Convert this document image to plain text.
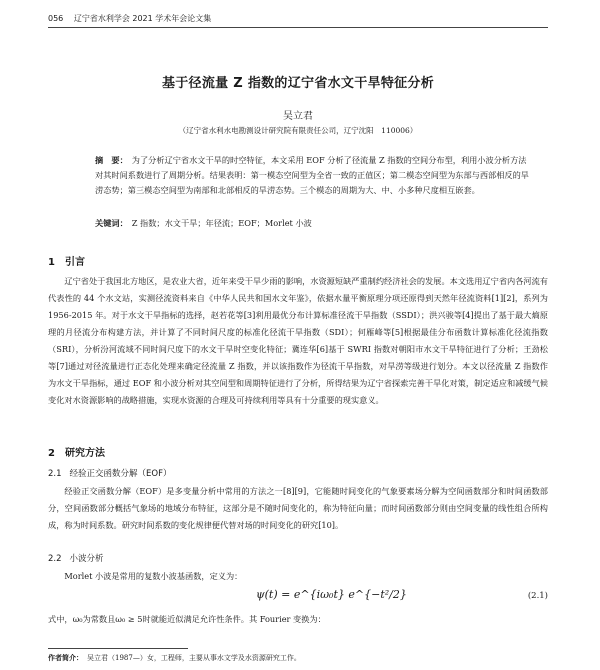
056 辽宁省水利学会 2021 学术年会论文集
基于径流量 Z 指数的辽宁省水文干旱特征分析
吴立君
（辽宁省水利水电勘测设计研究院有限责任公司，辽宁沈阳　110006）
摘　要： 为了分析辽宁省水文干旱的时空特征，本文采用 EOF 分析了径流量 Z 指数的空间分布型，利用小波分析方法对其时间系数进行了周期分析。结果表明：第一模态空间型为全省一致的正值区；第二模态空间型为东部与西部相反的旱涝态势；第三模态空间型为南部和北部相反的旱涝态势。三个模态的周期为大、中、小多种尺度相互嵌套。
关键词： Z 指数；水文干旱；年径流；EOF；Morlet 小波
1 引言
辽宁省处于我国北方地区，是农业大省，近年来受干旱少雨的影响，水资源短缺严重制约经济社会的发展。本文选用辽宁省内各河流有代表性的 44 个水文站，实测径流资料来自《中华人民共和国水文年鉴》，依据水量平衡原理分项还原得到天然年径流资料[1][2]，系列为 1956-2015 年。对于水文干旱指标的选择，赵若花等[3]利用最优分布计算标准径流干旱指数（SSDI）；洪兴骏等[4]提出了基于最大熵原理的月径流分布构建方法，并计算了不同时间尺度的标准化径流干旱指数（SDI）；何雁峰等[5]根据最佳分布函数计算标准化径流指数（SRI），分析汾河流域不同时间尺度下的水文干旱时空变化特征；冀连华[6]基于 SWRI 指数对朝阳市水文干旱特征进行了分析；王劲松等[7]通过对径流量进行正态化处理来确定径流量 Z 指数，并以该指数作为径流干旱指数，对旱涝等级进行划分。本文以径流量 Z 指数作为水文干旱指标，通过 EOF 和小波分析对其空间型和周期特征进行了分析，所得结果为辽宁省探索完善干旱化对策，制定适应和减缓气候变化对水资源影响的战略措施，实现水资源的合理及可持续利用等具有十分重要的现实意义。
2 研究方法
2.1 经验正交函数分解（EOF）
经验正交函数分解（EOF）是多变量分析中常用的方法之一[8][9]，它能随时间变化的气象要素场分解为空间函数部分和时间函数部分，空间函数部分概括气象场的地域分布特征，这部分是不随时间变化的，称为特征向量；而时间函数部分则由空间变量的线性组合所构成，称为时间系数。研究时间系数的变化规律便代替对场的时间变化的研究[10]。
2.2 小波分析
Morlet 小波是常用的复数小波基函数，定义为：
ψ(t) = e^{iω₀t} e^{−t²/2}	(2.1)
式中，ω₀为常数且ω₀ ≥ 5时就能近似满足允许性条件。其 Fourier 变换为：
作者简介： 吴立君（1987—）女，工程师，主要从事水文学及水资源研究工作。
